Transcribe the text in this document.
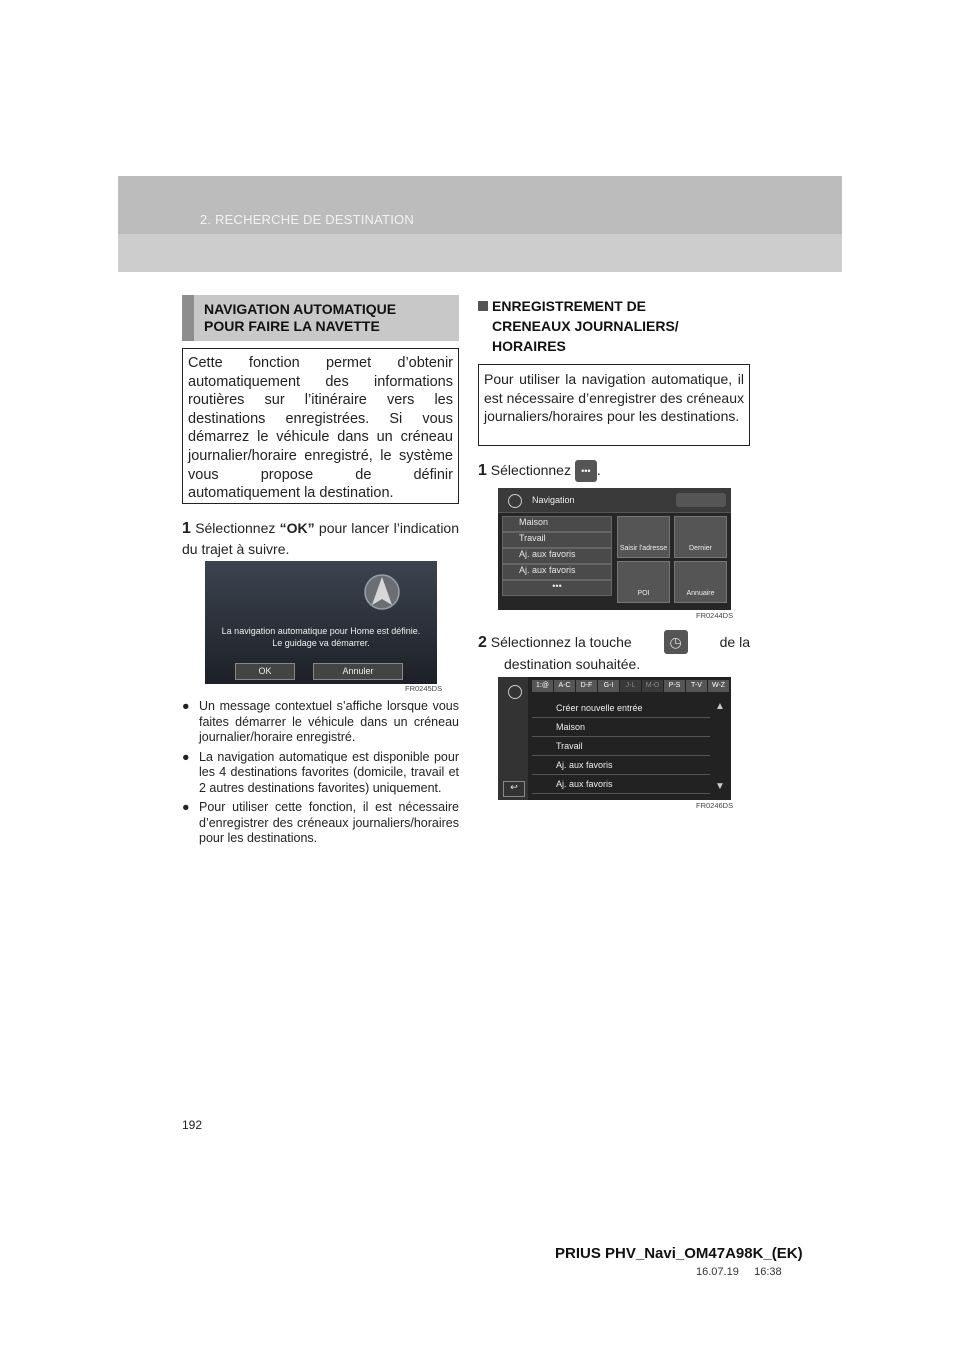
2. RECHERCHE DE DESTINATION
NAVIGATION AUTOMATIQUE
POUR FAIRE LA NAVETTE
Cette fonction permet d’obtenir automatiquement des informations routières sur l’itinéraire vers les destinations enregistrées. Si vous démarrez le véhicule dans un créneau journalier/horaire enregistré, le système vous propose de définir automatiquement la destination.
1 Sélectionnez “OK” pour lancer l’indication du trajet à suivre.
La navigation automatique pour Home est définie.
Le guidage va démarrer.
OK	Annuler
FR0245DS
● Un message contextuel s’affiche lorsque vous faites démarrer le véhicule dans un créneau journalier/horaire enregistré.
● La navigation automatique est disponible pour les 4 destinations favorites (domicile, travail et 2 autres destinations favorites) uniquement.
● Pour utiliser cette fonction, il est nécessaire d’enregistrer des créneaux journaliers/horaires pour les destinations.
ENREGISTREMENT DE
CRENEAUX JOURNALIERS/
HORAIRES
Pour utiliser la navigation automatique, il est nécessaire d’enregistrer des créneaux journaliers/horaires pour les destinations.
1 Sélectionnez ••• .
Navigation
Maison
Travail
Aj. aux favoris
Aj. aux favoris
•••
Saisir l'adresse	Dernier
POI	Annuaire
FR0244DS
2 Sélectionnez la touche	◷	de la
destination souhaitée.
↩
1:@	A-C	D-F	G-I	J-L	M-O	P-S	T-V	W-Z
Créer nouvelle entrée
Maison
Travail
Aj. aux favoris
Aj. aux favoris
▲
▼
FR0246DS
192
PRIUS PHV_Navi_OM47A98K_(EK)
16.07.19     16:38
